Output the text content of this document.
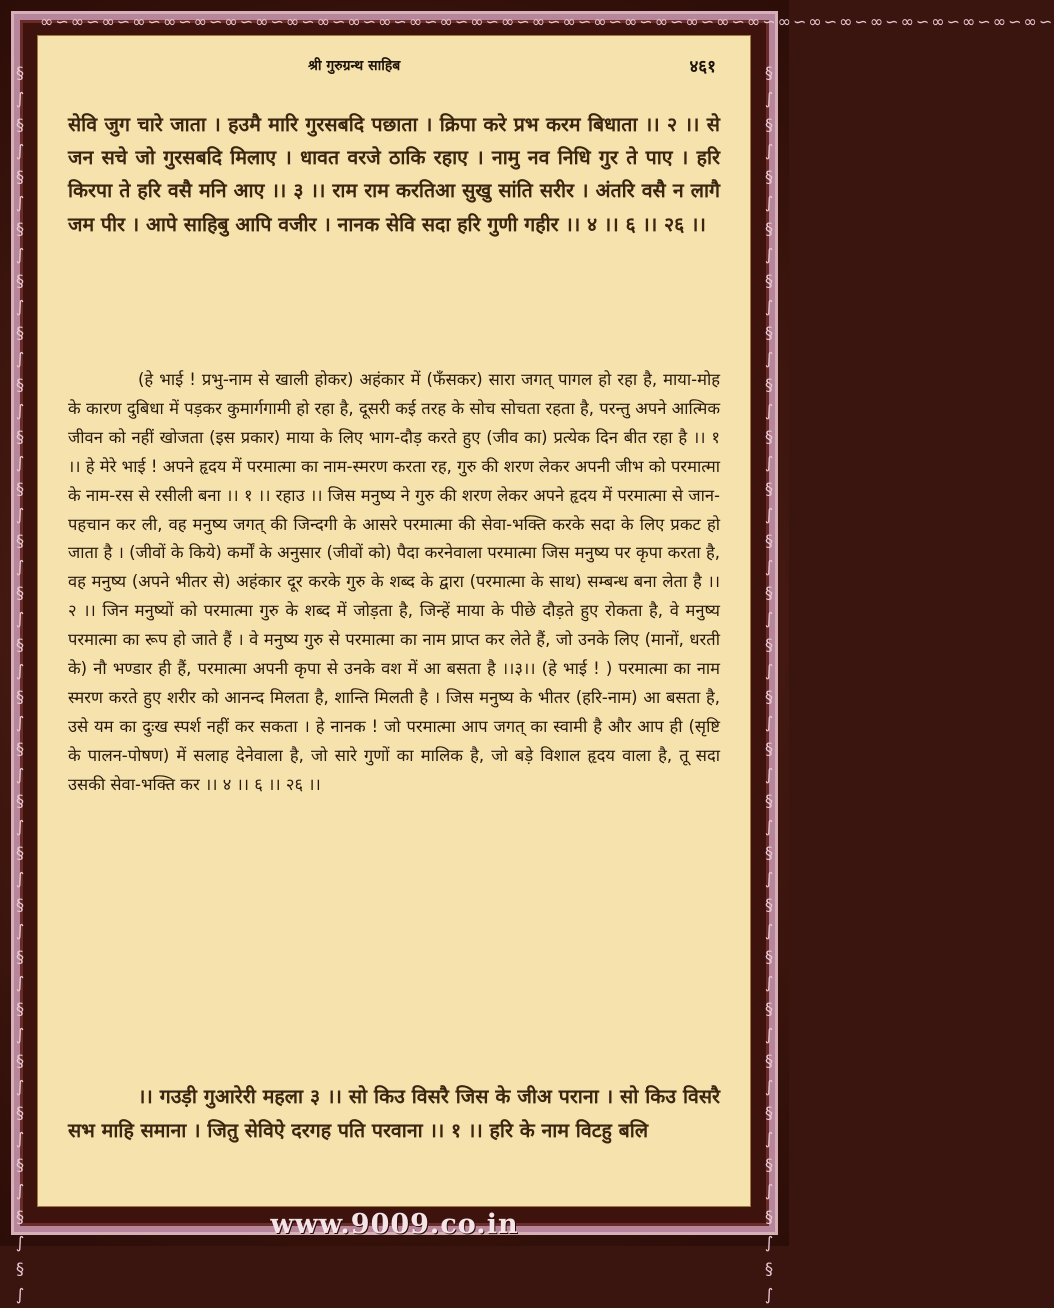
∞∽∞∽∞∽∞∽∞∽∞∽∞∽∞∽∞∽∞∽∞∽∞∽∞∽∞∽∞∽∞∽∞∽∞∽∞∽∞∽∞∽∞∽∞∽∞∽∞∽∞∽∞∽∞∽∞∽∞∽∞∽∞∽∞∽
§
∫
§
∫
§
∫
§
∫
§
∫
§
∫
§
∫
§
∫
§
∫
§
∫
§
∫
§
∫
§
∫
§
∫
§
∫
§
∫
§
∫
§
∫
§
∫
§
∫
§
∫
§
∫
§
∫
§
∫
§
∫
§
∫
§
∫
§
∫
§
∫
§
∫
§
∫
§
∫
§
∫
§
∫
§
∫
§
∫
§
∫
§
∫
§
∫
§
∫
§
∫
§
∫
§
∫
§
∫
§
∫
§
∫
§
∫
§
∫
श्री गुरुग्रन्थ साहिब	४६१
सेवि जुग चारे जाता । हउमै मारि गुरसबदि पछाता । क्रिपा करे प्रभ करम बिधाता ।। २ ।। से जन सचे जो गुरसबदि मिलाए । धावत वरजे ठाकि रहाए । नामु नव निधि गुर ते पाए । हरि किरपा ते हरि वसै मनि आए ।। ३ ।। राम राम करतिआ सुखु सांति सरीर । अंतरि वसै न लागै जम पीर । आपे साहिबु आपि वजीर । नानक सेवि सदा हरि गुणी गहीर ।। ४ ।। ६ ।। २६ ।।
(हे भाई ! प्रभु-नाम से खाली होकर) अहंकार में (फँसकर) सारा जगत् पागल हो रहा है, माया-मोह के कारण दुबिधा में पड़कर कुमार्गगामी हो रहा है, दूसरी कई तरह के सोच सोचता रहता है, परन्तु अपने आत्मिक जीवन को नहीं खोजता (इस प्रकार) माया के लिए भाग-दौड़ करते हुए (जीव का) प्रत्येक दिन बीत रहा है ।। १ ।। हे मेरे भाई ! अपने हृदय में परमात्मा का नाम-स्मरण करता रह, गुरु की शरण लेकर अपनी जीभ को परमात्मा के नाम-रस से रसीली बना ।। १ ।। रहाउ ।। जिस मनुष्य ने गुरु की शरण लेकर अपने हृदय में परमात्मा से जान-पहचान कर ली, वह मनुष्य जगत् की जिन्दगी के आसरे परमात्मा की सेवा-भक्ति करके सदा के लिए प्रकट हो जाता है । (जीवों के किये) कर्मों के अनुसार (जीवों को) पैदा करनेवाला परमात्मा जिस मनुष्य पर कृपा करता है, वह मनुष्य (अपने भीतर से) अहंकार दूर करके गुरु के शब्द के द्वारा (परमात्मा के साथ) सम्बन्ध बना लेता है ।। २ ।। जिन मनुष्यों को परमात्मा गुरु के शब्द में जोड़ता है, जिन्हें माया के पीछे दौड़ते हुए रोकता है, वे मनुष्य परमात्मा का रूप हो जाते हैं । वे मनुष्य गुरु से परमात्मा का नाम प्राप्त कर लेते हैं, जो उनके लिए (मानों, धरती के) नौ भण्डार ही हैं, परमात्मा अपनी कृपा से उनके वश में आ बसता है ।।३।। (हे भाई ! ) परमात्मा का नाम स्मरण करते हुए शरीर को आनन्द मिलता है, शान्ति मिलती है । जिस मनुष्य के भीतर (हरि-नाम) आ बसता है, उसे यम का दुःख स्पर्श नहीं कर सकता । हे नानक ! जो परमात्मा आप जगत् का स्वामी है और आप ही (सृष्टि के पालन-पोषण) में सलाह देनेवाला है, जो सारे गुणों का मालिक है, जो बड़े विशाल हृदय वाला है, तू सदा उसकी सेवा-भक्ति कर ।। ४ ।। ६ ।। २६ ।।
।। गउड़ी गुआरेरी महला ३ ।। सो किउ विसरै जिस के जीअ पराना । सो किउ विसरै सभ माहि समाना । जितु सेविऐ दरगह पति परवाना ।। १ ।। हरि के नाम विटहु बलि
www.9009.co.in
